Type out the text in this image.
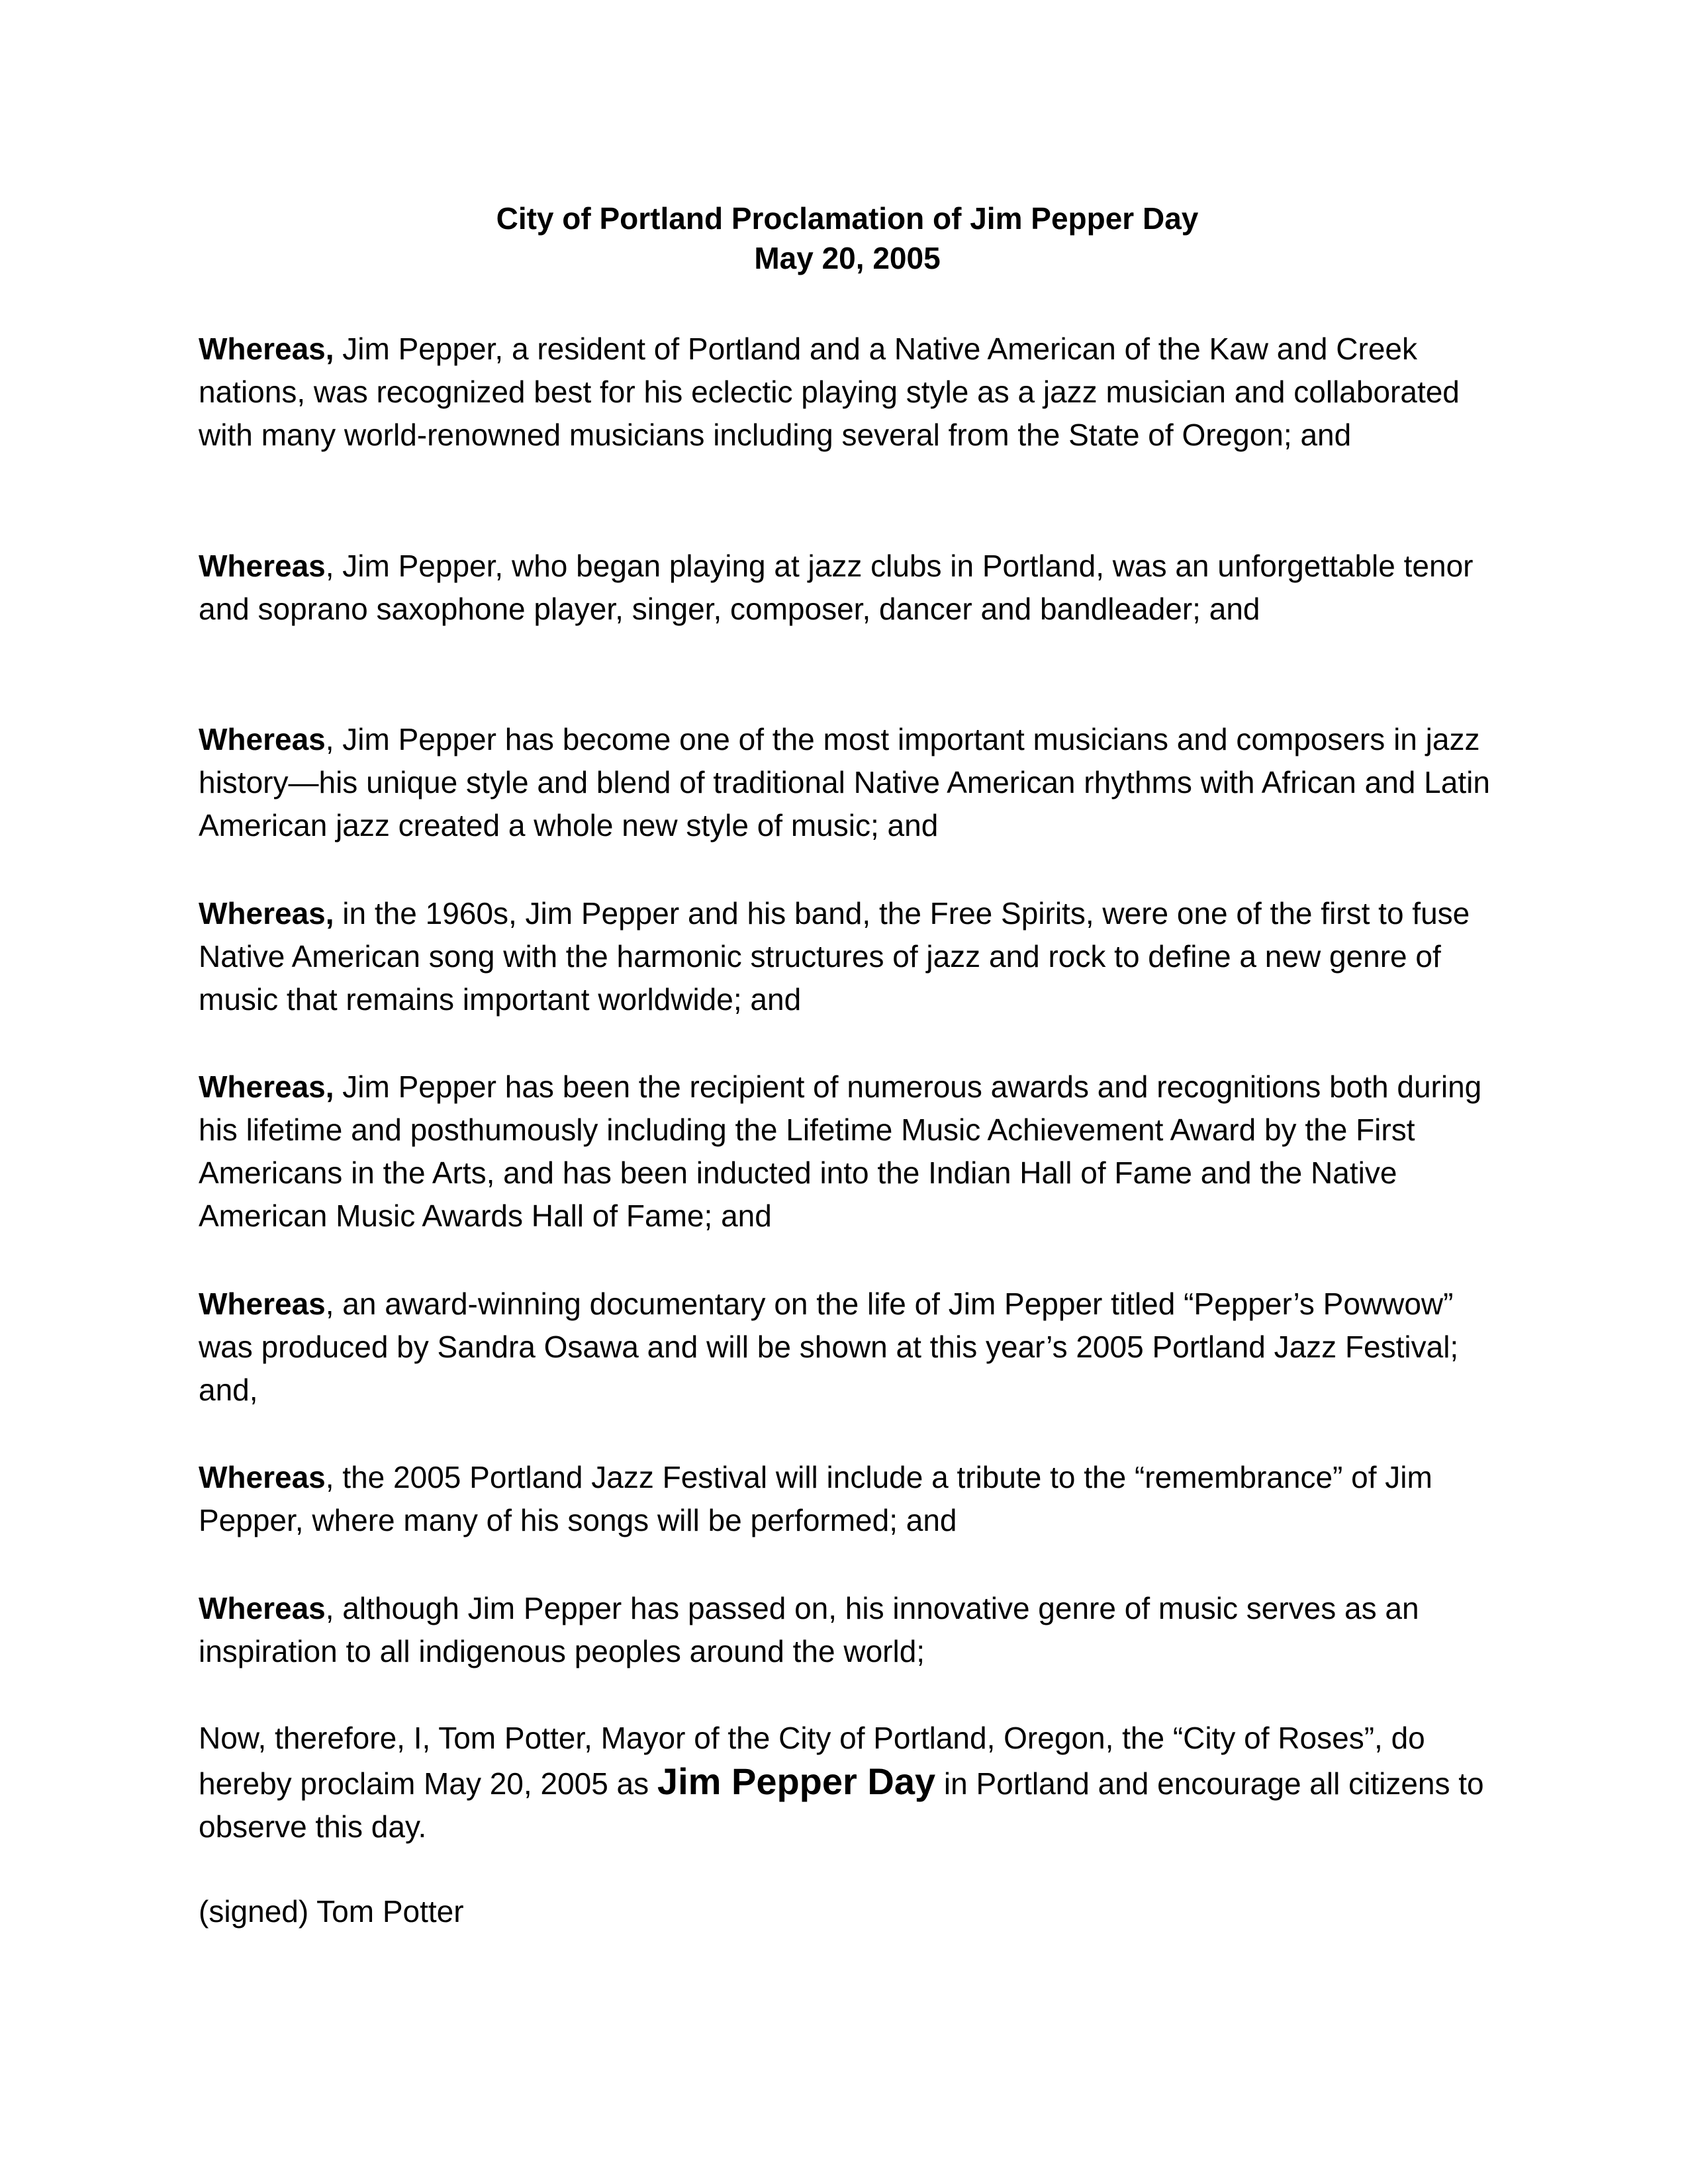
City of Portland Proclamation of Jim Pepper Day
May 20, 2005

Whereas, Jim Pepper, a resident of Portland and a Native American of the Kaw and Creek nations, was recognized best for his eclectic playing style as a jazz musician and collaborated with many world-renowned musicians including several from the State of Oregon; and

Whereas, Jim Pepper, who began playing at jazz clubs in Portland, was an unforgettable tenor and soprano saxophone player, singer, composer, dancer and bandleader; and

Whereas, Jim Pepper has become one of the most important musicians and composers in jazz history—his unique style and blend of traditional Native American rhythms with African and Latin American jazz created a whole new style of music; and

Whereas, in the 1960s, Jim Pepper and his band, the Free Spirits, were one of the first to fuse Native American song with the harmonic structures of jazz and rock to define a new genre of music that remains important worldwide; and

Whereas, Jim Pepper has been the recipient of numerous awards and recognitions both during his lifetime and posthumously including the Lifetime Music Achievement Award by the First Americans in the Arts, and has been inducted into the Indian Hall of Fame and the Native American Music Awards Hall of Fame; and

Whereas, an award-winning documentary on the life of Jim Pepper titled “Pepper’s Powwow” was produced by Sandra Osawa and will be shown at this year’s 2005 Portland Jazz Festival; and,

Whereas, the 2005 Portland Jazz Festival will include a tribute to the “remembrance” of Jim Pepper, where many of his songs will be performed; and

Whereas, although Jim Pepper has passed on, his innovative genre of music serves as an inspiration to all indigenous peoples around the world;

Now, therefore, I, Tom Potter, Mayor of the City of Portland, Oregon, the “City of Roses”, do hereby proclaim May 20, 2005 as Jim Pepper Day in Portland and encourage all citizens to observe this day.

(signed) Tom Potter
